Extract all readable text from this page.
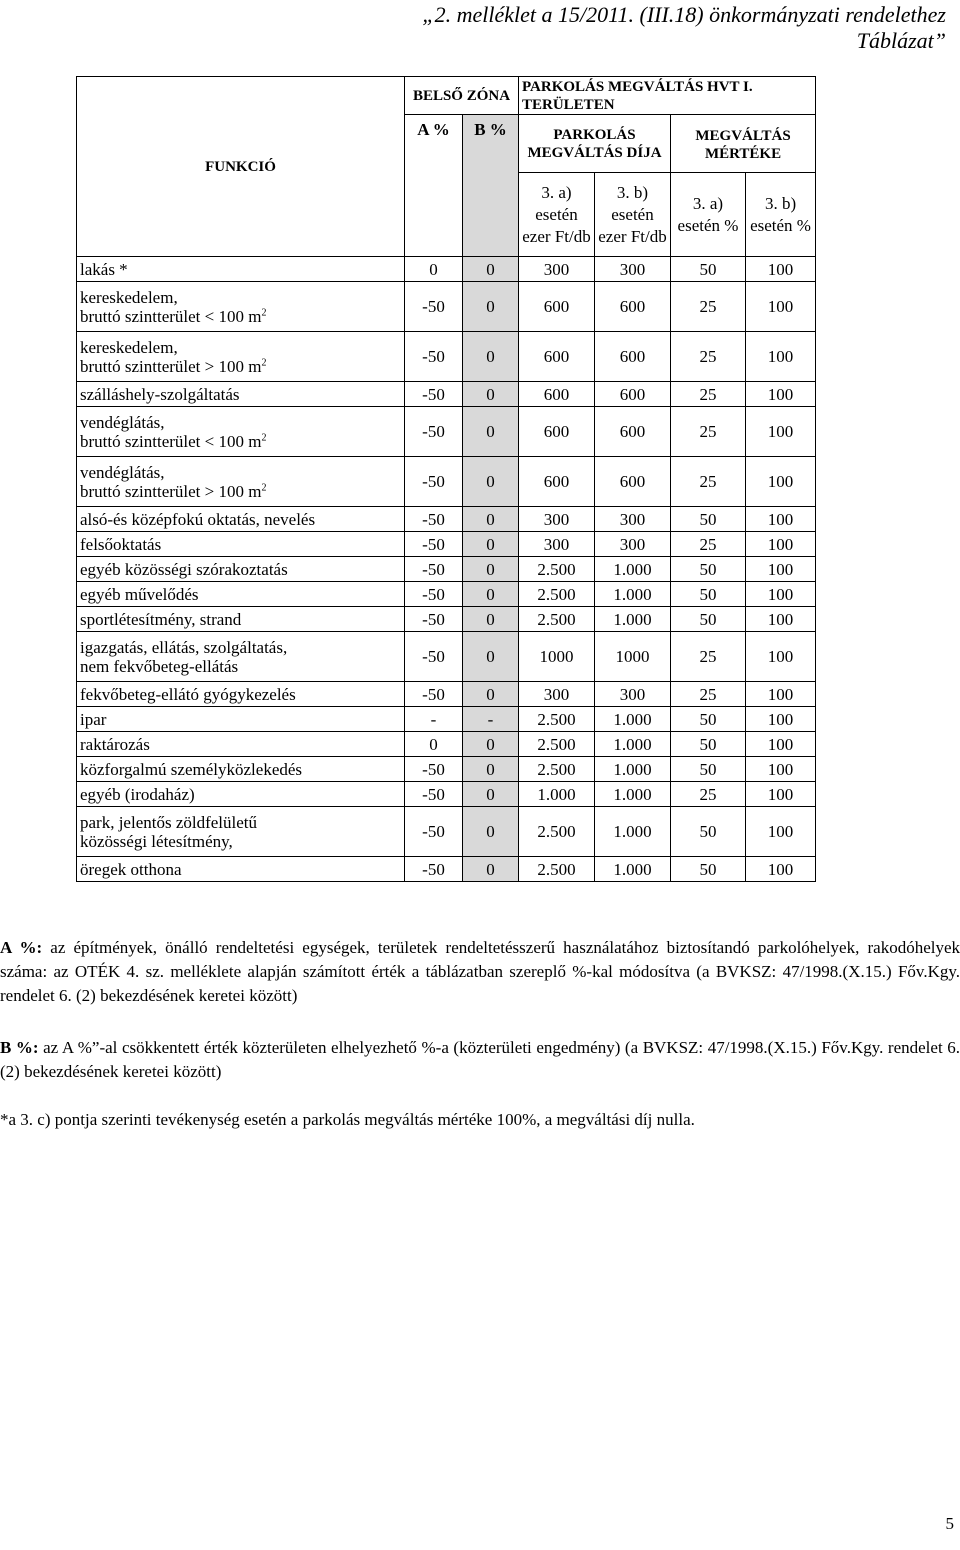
„2. melléklet a 15/2011. (III.18) önkormányzati rendelethez
Táblázat”
FUNKCIÓ	BELSŐ ZÓNA		PARKOLÁS MEGVÁLTÁS HVT I. TERÜLETEN			
	A %	B %	PARKOLÁS MEGVÁLTÁS DÍJA		MEGVÁLTÁS MÉRTÉKE	

			3. a) esetén ezer Ft/db	3. b) esetén ezer Ft/db	3. a) esetén %	3. b) esetén %

lakás *	0	0	300	300	50	100

kereskedelem,
bruttó szintterület < 100 $m^2$	-50	0	600	600	25	100

kereskedelem,
bruttó szintterület > 100 $m^2$	-50	0	600	600	25	100

szálláshely-szolgáltatás	-50	0	600	600	25	100

vendéglátás,
bruttó szintterület < 100 $m^2$	-50	0	600	600	25	100

vendéglátás,
bruttó szintterület > 100 $m^2$	-50	0	600	600	25	100

alsó-és középfokú oktatás, nevelés	-50	0	300	300	50	100

felsőoktatás	-50	0	300	300	25	100

egyéb közösségi szórakoztatás	-50	0	2.500	1.000	50	100

egyéb művelődés	-50	0	2.500	1.000	50	100

sportlétesítmény, strand	-50	0	2.500	1.000	50	100

igazgatás, ellátás, szolgáltatás,
nem fekvőbeteg-ellátás	-50	0	1000	1000	25	100

fekvőbeteg-ellátó gyógykezelés	-50	0	300	300	25	100

ipar	-	-	2.500	1.000	50	100

raktározás	0	0	2.500	1.000	50	100

közforgalmú személyközlekedés	-50	0	2.500	1.000	50	100

egyéb (irodaház)	-50	0	1.000	1.000	25	100

park, jelentős zöldfelületű
közösségi létesítmény,	-50	0	2.500	1.000	50	100

öregek otthona	-50	0	2.500	1.000	50	100

A %: az építmények, önálló rendeltetési egységek, területek rendeltetésszerű használatához biztosítandó parkolóhelyek, rakodóhelyek száma: az OTÉK 4. sz. melléklete alapján számított érték a táblázatban szereplő %-kal módosítva (a BVKSZ: 47/1998.(X.15.) Főv.Kgy. rendelet 6. (2) bekezdésének keretei között)

B %: az A %”-al csökkentett érték közterületen elhelyezhető %-a (közterületi engedmény) (a BVKSZ: 47/1998.(X.15.) Főv.Kgy. rendelet 6. (2) bekezdésének keretei között)

*a 3. c) pontja szerinti tevékenység esetén a parkolás megváltás mértéke 100%, a megváltási díj nulla.

5
